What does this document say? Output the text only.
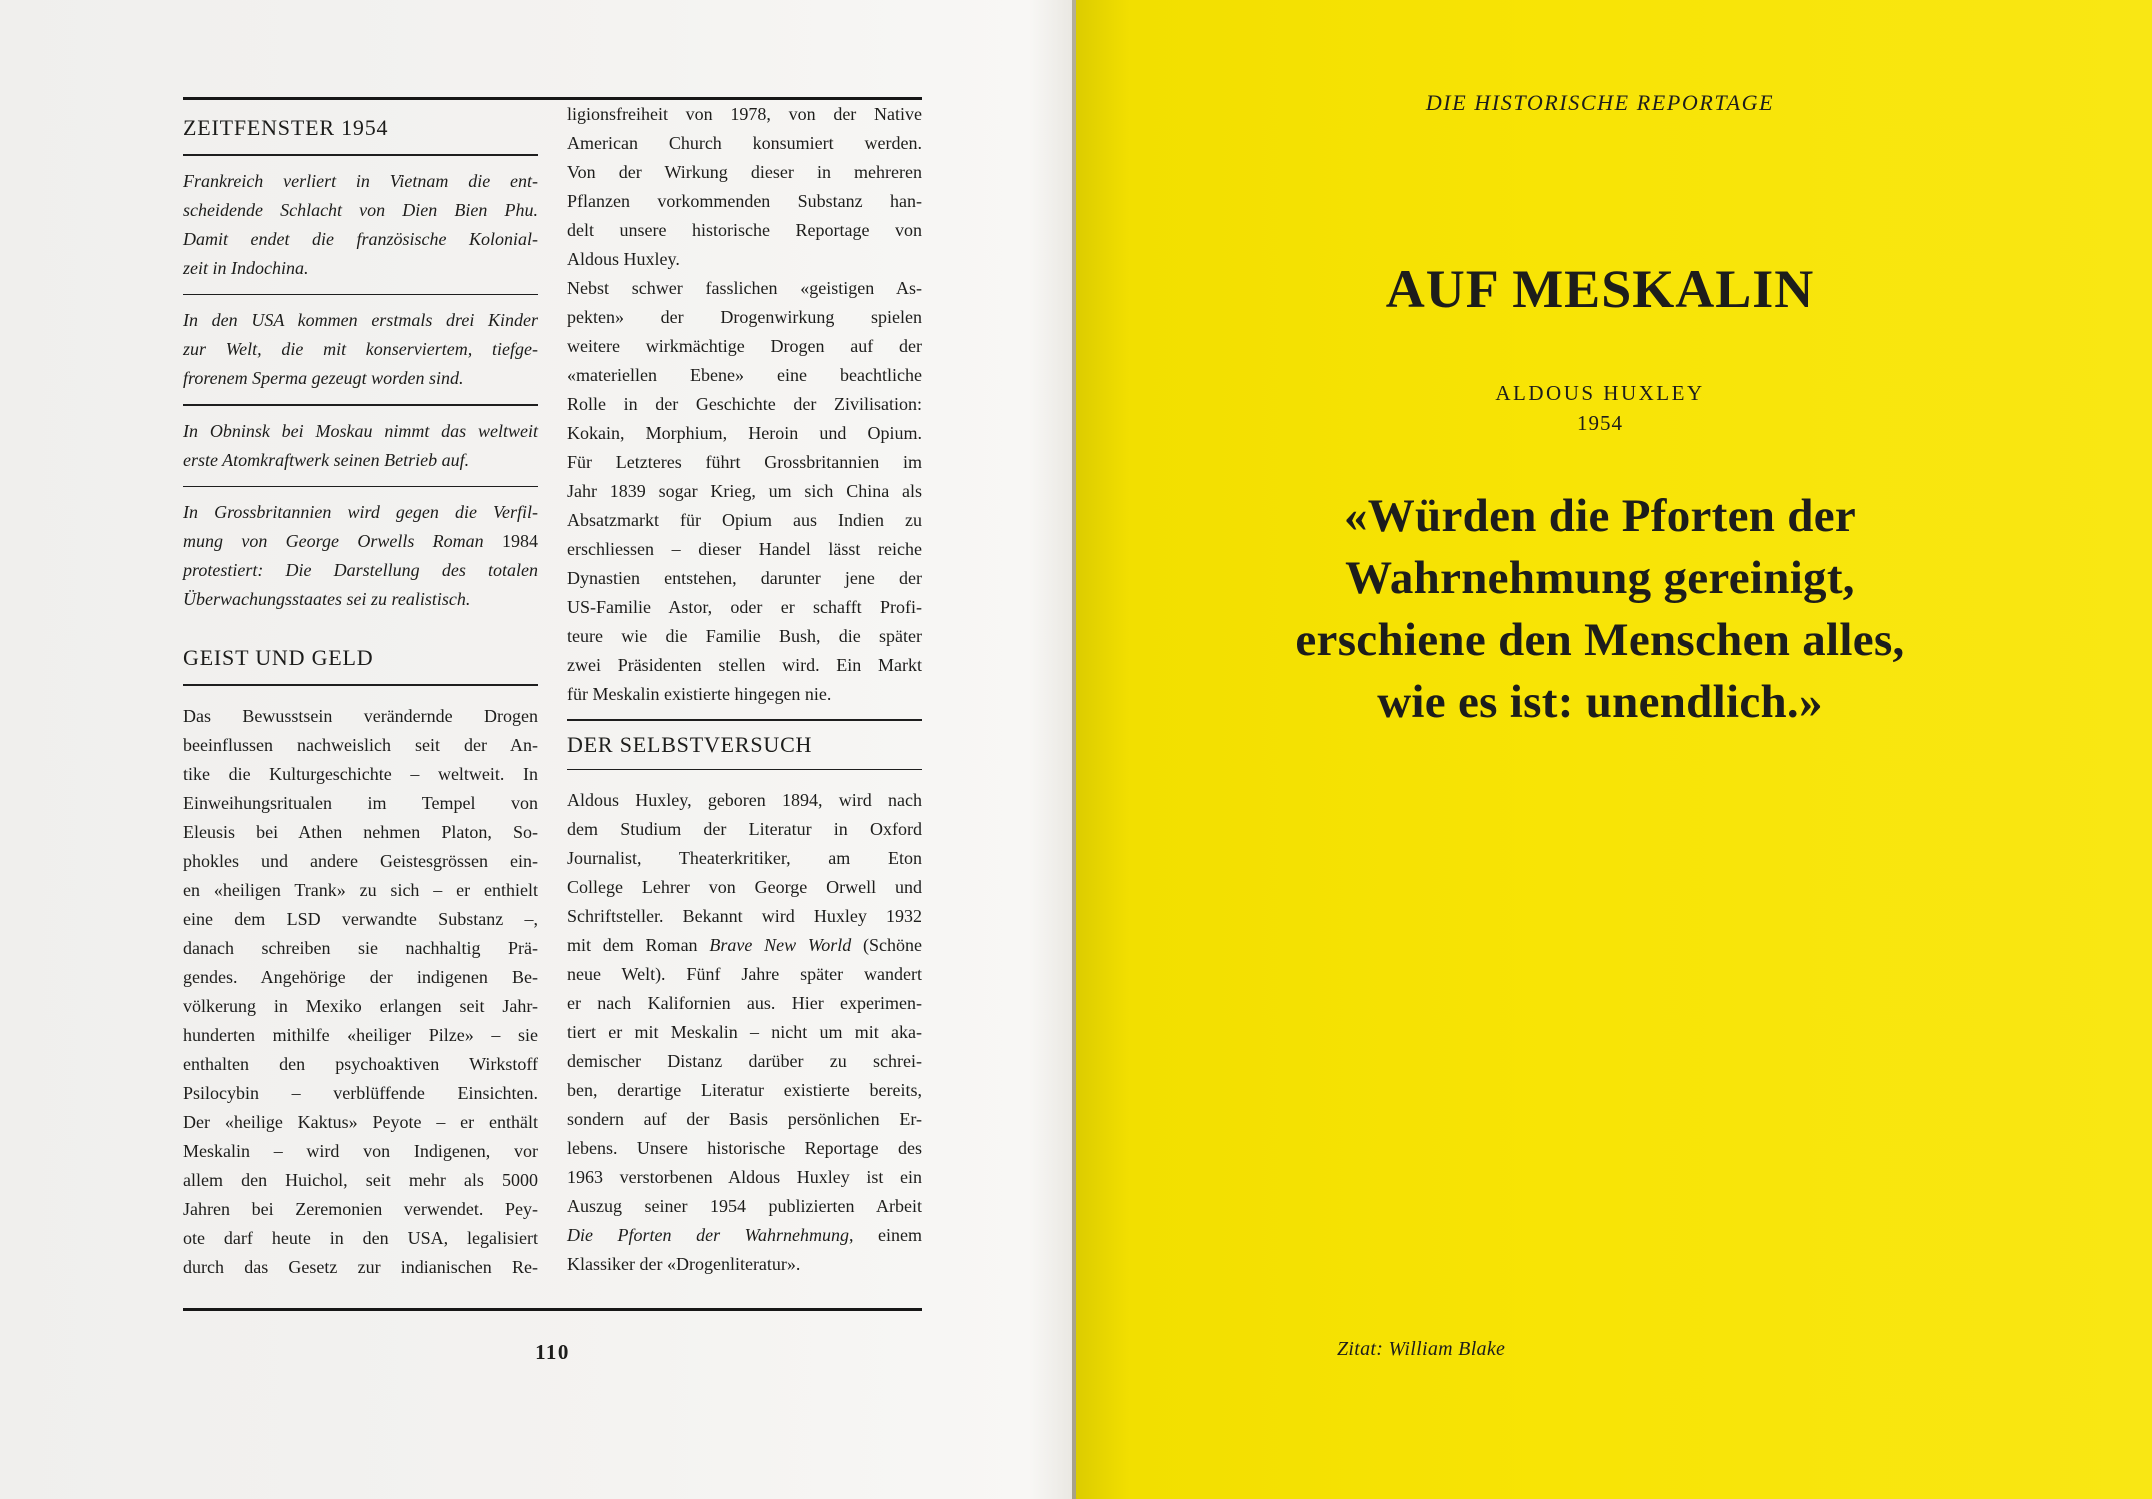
ZEITFENSTER 1954
Frankreich verliert in Vietnam die ent-
scheidende Schlacht von Dien Bien Phu.
Damit endet die französische Kolonial-
zeit in Indochina.
In den USA kommen erstmals drei Kinder
zur Welt, die mit konserviertem, tiefge-
frorenem Sperma gezeugt worden sind.
In Obninsk bei Moskau nimmt das weltweit
erste Atomkraftwerk seinen Betrieb auf.
In Grossbritannien wird gegen die Verfil-
mung von George Orwells Roman 1984
protestiert: Die Darstellung des totalen
Überwachungsstaates sei zu realistisch.
GEIST UND GELD
Das Bewusstsein verändernde Drogen
beeinflussen nachweislich seit der An-
tike die Kulturgeschichte – weltweit. In
Einweihungsritualen im Tempel von
Eleusis bei Athen nehmen Platon, So-
phokles und andere Geistesgrössen ein-
en «heiligen Trank» zu sich – er enthielt
eine dem LSD verwandte Substanz –,
danach schreiben sie nachhaltig Prä-
gendes. Angehörige der indigenen Be-
völkerung in Mexiko erlangen seit Jahr-
hunderten mithilfe «heiliger Pilze» – sie
enthalten den psychoaktiven Wirkstoff
Psilocybin – verblüffende Einsichten.
Der «heilige Kaktus» Peyote – er enthält
Meskalin – wird von Indigenen, vor
allem den Huichol, seit mehr als 5000
Jahren bei Zeremonien verwendet. Pey-
ote darf heute in den USA, legalisiert
durch das Gesetz zur indianischen Re-
ligionsfreiheit von 1978, von der Native
American Church konsumiert werden.
Von der Wirkung dieser in mehreren
Pflanzen vorkommenden Substanz han-
delt unsere historische Reportage von
Aldous Huxley.
Nebst schwer fasslichen «geistigen As-
pekten» der Drogenwirkung spielen
weitere wirkmächtige Drogen auf der
«materiellen Ebene» eine beachtliche
Rolle in der Geschichte der Zivilisation:
Kokain, Morphium, Heroin und Opium.
Für Letzteres führt Grossbritannien im
Jahr 1839 sogar Krieg, um sich China als
Absatzmarkt für Opium aus Indien zu
erschliessen – dieser Handel lässt reiche
Dynastien entstehen, darunter jene der
US-Familie Astor, oder er schafft Profi-
teure wie die Familie Bush, die später
zwei Präsidenten stellen wird. Ein Markt
für Meskalin existierte hingegen nie.
DER SELBSTVERSUCH
Aldous Huxley, geboren 1894, wird nach
dem Studium der Literatur in Oxford
Journalist, Theaterkritiker, am Eton
College Lehrer von George Orwell und
Schriftsteller. Bekannt wird Huxley 1932
mit dem Roman Brave New World (Schöne
neue Welt). Fünf Jahre später wandert
er nach Kalifornien aus. Hier experimen-
tiert er mit Meskalin – nicht um mit aka-
demischer Distanz darüber zu schrei-
ben, derartige Literatur existierte bereits,
sondern auf der Basis persönlichen Er-
lebens. Unsere historische Reportage des
1963 verstorbenen Aldous Huxley ist ein
Auszug seiner 1954 publizierten Arbeit
Die Pforten der Wahrnehmung, einem
Klassiker der «Drogenliteratur».
110
DIE HISTORISCHE REPORTAGE
AUF MESKALIN
ALDOUS HUXLEY
1954
«Würden die Pforten der
Wahrnehmung gereinigt,
erschiene den Menschen alles,
wie es ist: unendlich.»
Zitat: William Blake
